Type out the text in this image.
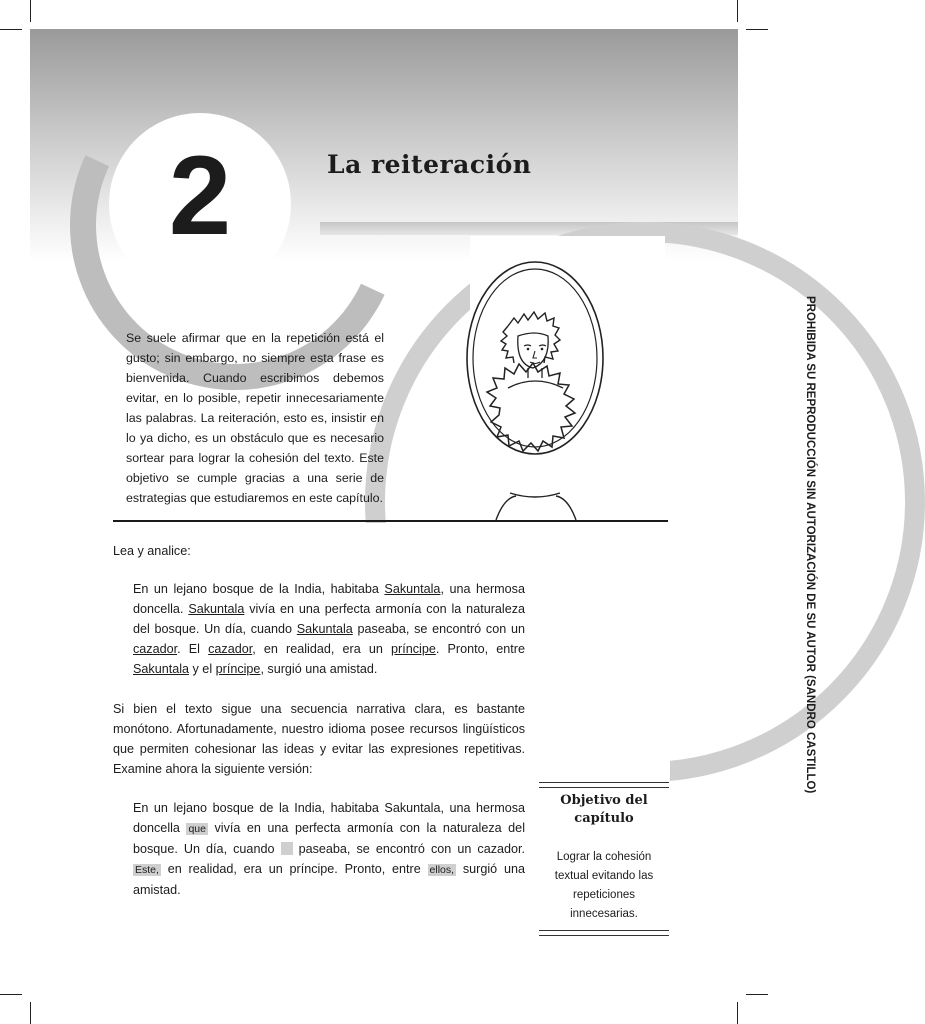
2	La reiteración
Se suele afirmar que en la repetición está el gusto; sin embargo, no siempre esta frase es bienvenida. Cuando escribimos debemos evitar, en lo posible, repetir innecesariamente las palabras. La reiteración, esto es, insistir en lo ya dicho, es un obstáculo que es necesario sortear para lograr la cohesión del texto. Este objetivo se cumple gracias a una serie de estrategias que estudiaremos en este capítulo.	PROHIBIDA SU REPRODUCCIÓN SIN AUTORIZACIÓN DE SU AUTOR (SANDRO CASTILLO)
Lea y analice:
En un lejano bosque de la India, habitaba Sakuntala, una hermosa doncella. Sakuntala vivía en una perfecta armonía con la naturaleza del bosque. Un día, cuando Sakuntala paseaba, se encontró con un cazador. El cazador, en realidad, era un príncipe. Pronto, entre Sakuntala y el príncipe, surgió una amistad.
Si bien el texto sigue una secuencia narrativa clara, es bastante monótono. Afortunadamente, nuestro idioma posee recursos lingüísticos que permiten cohesionar las ideas y evitar las expresiones repetitivas. Examine ahora la siguiente versión:
En un lejano bosque de la India, habitaba Sakuntala, una hermosa doncella que vivía en una perfecta armonía con la naturaleza del bosque. Un día, cuando  paseaba, se encontró con un cazador. Este, en realidad, era un príncipe. Pronto, entre ellos, surgió una amistad.
Objetivo del capítulo
Lograr la cohesión textual evitando las repeticiones innecesarias.
